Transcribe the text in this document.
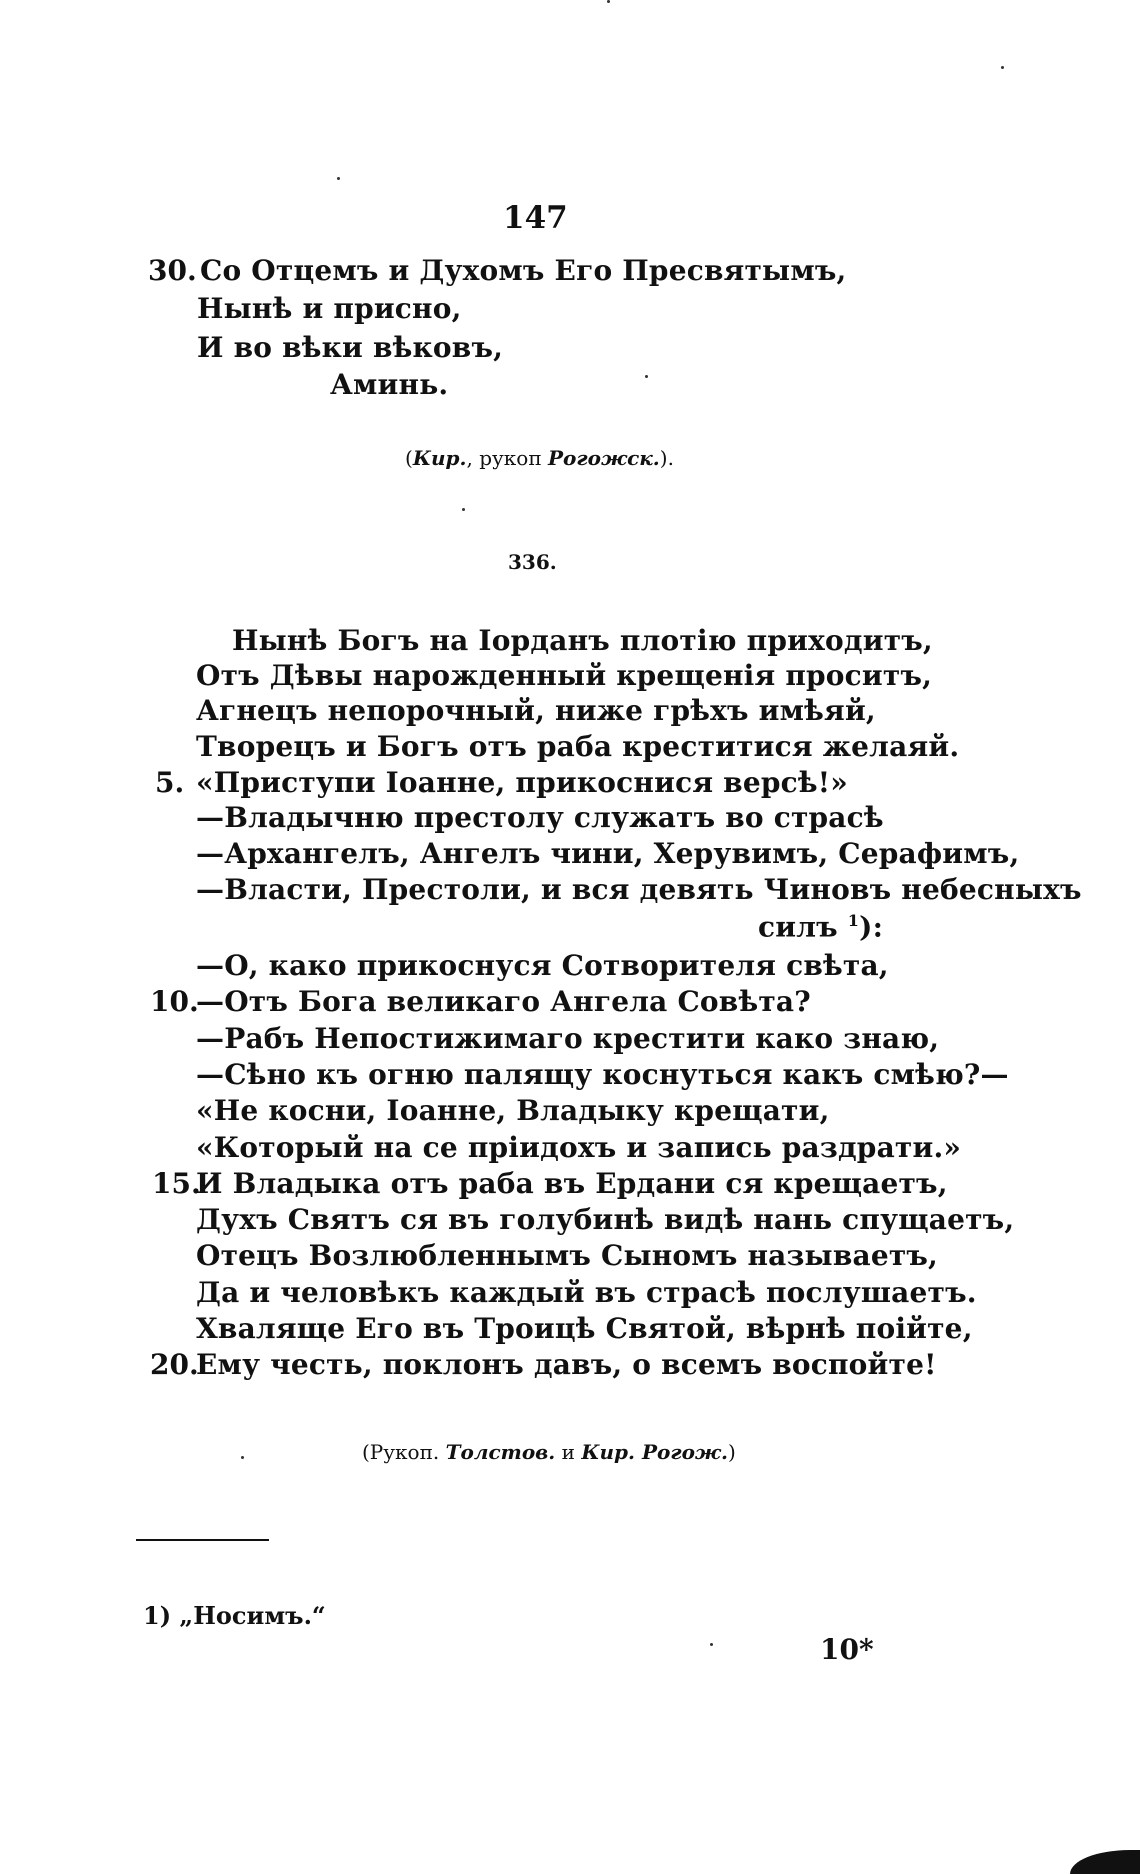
147
30. Со Отцемъ и Духомъ Его Пресвятымъ,
Нынѣ и присно,
И во вѣки вѣковъ,
Аминь.
(Кир., рукоп Рогожск.).
336.
Нынѣ Богъ на Іорданъ плотію приходитъ,
Отъ Дѣвы нарожденный крещенія проситъ,
Агнецъ непорочный, ниже грѣхъ имѣяй,
Творецъ и Богъ отъ раба креститися желаяй.
5. «Приступи Іоанне, прикоснися версѣ!»
—Владычню престолу служатъ во страсѣ
—Архангелъ, Ангелъ чини, Херувимъ, Серафимъ,
—Власти, Престоли, и вся девять Чиновъ небесныхъ
силъ $^1$):
—О, како прикоснуся Сотворителя свѣта,
10.
—Отъ Бога великаго Ангела Совѣта?
—Рабъ Непостижимаго крестити како знаю,
—Сѣно къ огню палящу коснуться какъ смѣю?—
«Не косни, Іоанне, Владыку крещати,
«Который на се пріидохъ и запись раздрати.»
15.
И Владыка отъ раба въ Ердани ся крещаетъ,
Духъ Святъ ся въ голубинѣ видѣ нань спущаетъ,
Отецъ Возлюбленнымъ Сыномъ называетъ,
Да и человѣкъ каждый въ страсѣ послушаетъ.
Хваляще Его въ Троицѣ Святой, вѣрнѣ поійте,
20.
Ему честь, поклонъ давъ, о всемъ воспойте!
(Рукоп. Толстов. и Кир. Рогож.)
1) „Носимъ.“
10*
